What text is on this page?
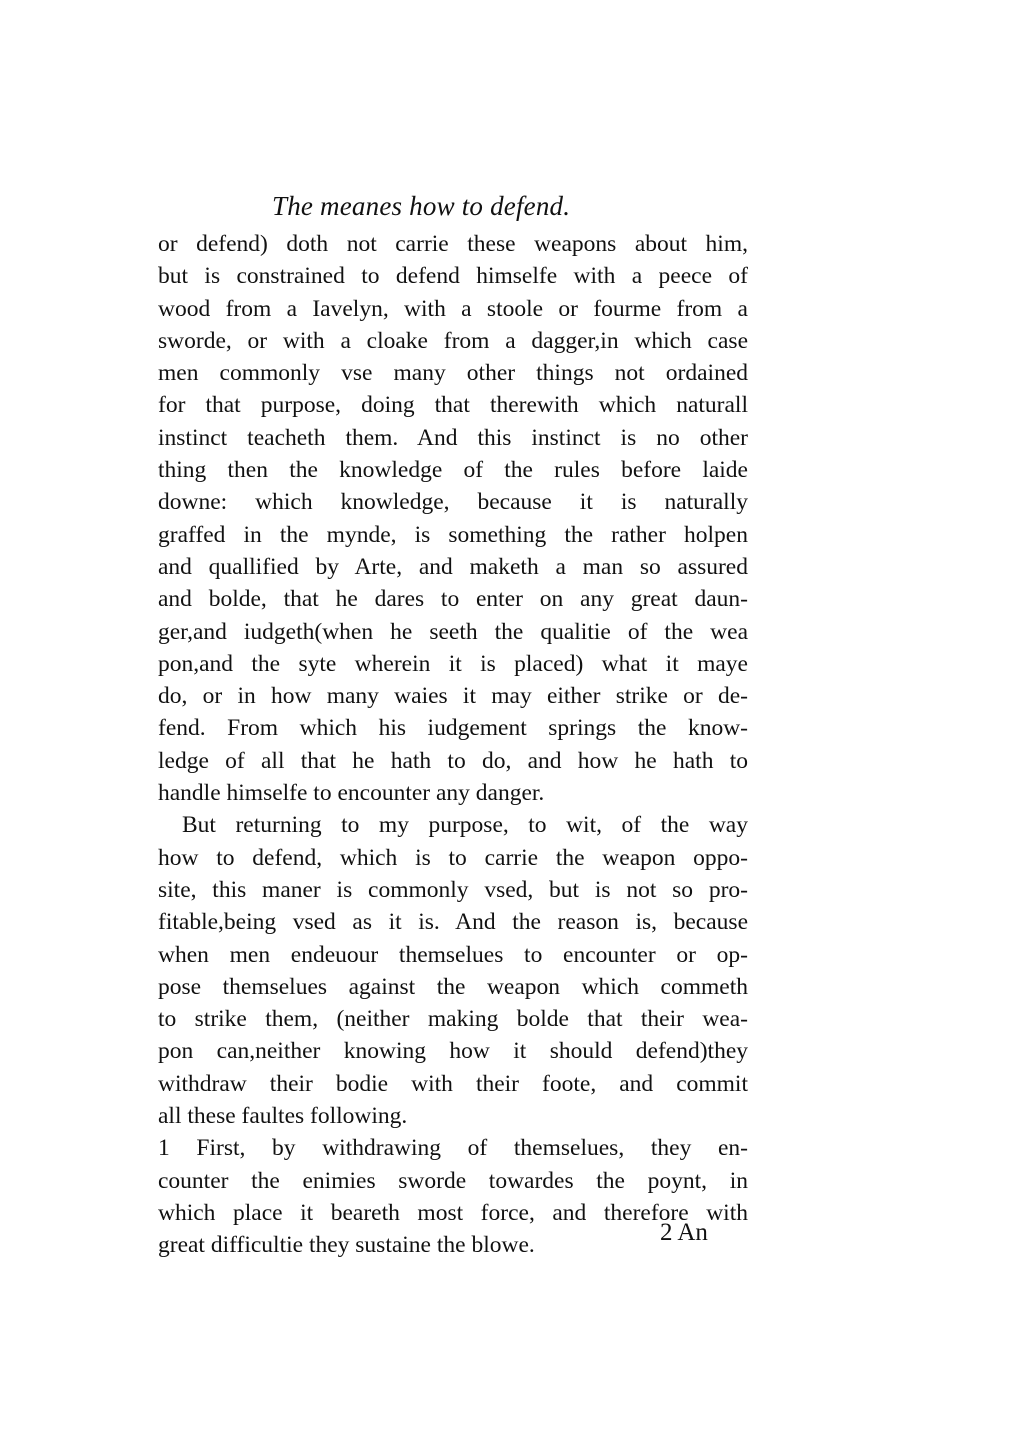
The meanes how to defend.
or defend) doth not carrie these weapons about him,
but is constrained to defend himselfe with a peece of
wood from a Iavelyn, with a stoole or fourme from a
sworde, or with a cloake from a dagger,in which case
men commonly vse many other things not ordained
for that purpose, doing that therewith which naturall
instinct teacheth them. And this instinct is no other
thing then the knowledge of the rules before laide
downe: which knowledge, because it is naturally
graffed in the mynde, is something the rather holpen
and quallified by Arte, and maketh a man so assured
and bolde, that he dares to enter on any great daun-
ger,and iudgeth(when he seeth the qualitie of the wea
pon,and the syte wherein it is placed) what it maye
do, or in how many waies it may either strike or de-
fend. From which his iudgement springs the know-
ledge of all that he hath to do, and how he hath to
handle himselfe to encounter any danger.
But returning to my purpose, to wit, of the way
how to defend, which is to carrie the weapon oppo-
site, this maner is commonly vsed, but is not so pro-
fitable,being vsed as it is. And the reason is, because
when men endeuour themselues to encounter or op-
pose themselues against the weapon which commeth
to strike them, (neither making bolde that their wea-
pon can,neither knowing how it should defend)they
withdraw their bodie with their foote, and commit
all these faultes following.
1 First, by withdrawing of themselues, they en-
counter the enimies sworde towardes the poynt, in
which place it beareth most force, and therefore with
great difficultie they sustaine the blowe.	2 An
